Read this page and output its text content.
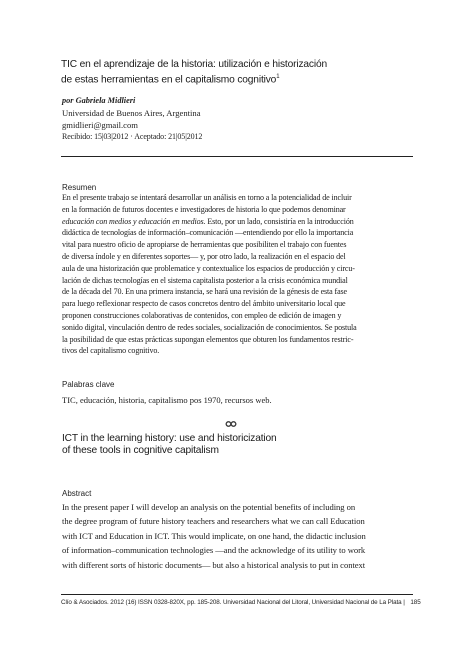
TIC en el aprendizaje de la historia: utilización e historización
de estas herramientas en el capitalismo cognitivo$^1$
por Gabriela Midlieri
Universidad de Buenos Aires, Argentina
gmidlieri@gmail.com
Recibido: 15|03|2012 · Aceptado: 21|05|2012
Resumen
En el presente trabajo se intentará desarrollar un análisis en torno a la potencialidad de incluir
en la formación de futuros docentes e investigadores de historia lo que podemos denominar
educación con medios y educación en medios. Esto, por un lado, consistiría en la introducción
didáctica de tecnologías de información–comunicación —entendiendo por ello la importancia
vital para nuestro oficio de apropiarse de herramientas que posibiliten el trabajo con fuentes
de diversa índole y en diferentes soportes— y, por otro lado, la realización en el espacio del
aula de una historización que problematice y contextualice los espacios de producción y circu-
lación de dichas tecnologías en el sistema capitalista posterior a la crisis económica mundial
de la década del 70. En una primera instancia, se hará una revisión de la génesis de esta fase
para luego reflexionar respecto de casos concretos dentro del ámbito universitario local que
proponen construcciones colaborativas de contenidos, con empleo de edición de imagen y
sonido digital, vinculación dentro de redes sociales, socialización de conocimientos. Se postula
la posibilidad de que estas prácticas supongan elementos que obturen los fundamentos restric-
tivos del capitalismo cognitivo.
Palabras clave
TIC, educación, historia, capitalismo pos 1970, recursos web.
ICT in the learning history: use and historicization
of these tools in cognitive capitalism
Abstract
In the present paper I will develop an analysis on the potential benefits of including on
the degree program of future history teachers and researchers what we can call Education
with ICT and Education in ICT. This would implicate, on one hand, the didactic inclusion
of information–communication technologies —and the acknowledge of its utility to work
with different sorts of historic documents— but also a historical analysis to put in context
Clío & Asociados. 2012 (16) ISSN 0328-820X, pp. 185-208. Universidad Nacional del Litoral, Universidad Nacional de La Plata | 185
